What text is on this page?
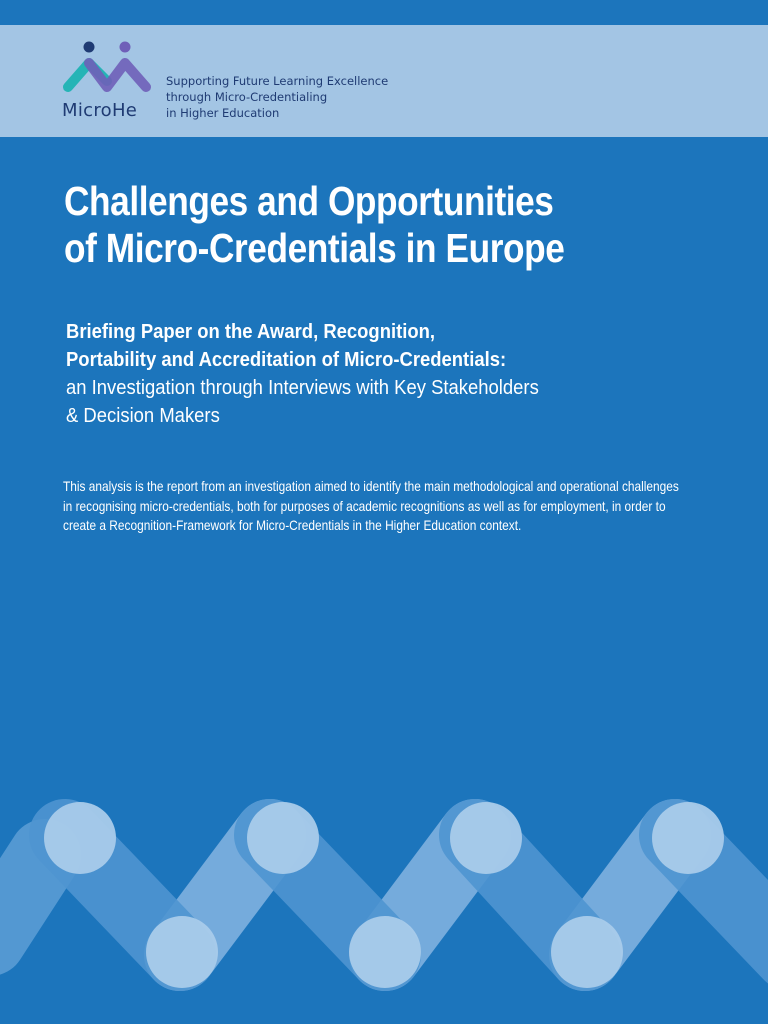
MicroHe
Supporting Future Learning Excellence
through Micro-Credentialing
in Higher Education
Challenges and Opportunities
of Micro-Credentials in Europe
Briefing Paper on the Award, Recognition,
Portability and Accreditation of Micro-Credentials:
an Investigation through Interviews with Key Stakeholders
& Decision Makers
This analysis is the report from an investigation aimed to identify the main methodological and operational challenges
in recognising micro-credentials, both for purposes of academic recognitions as well as for employment, in order to
create a Recognition-Framework for Micro-Credentials in the Higher Education context.
